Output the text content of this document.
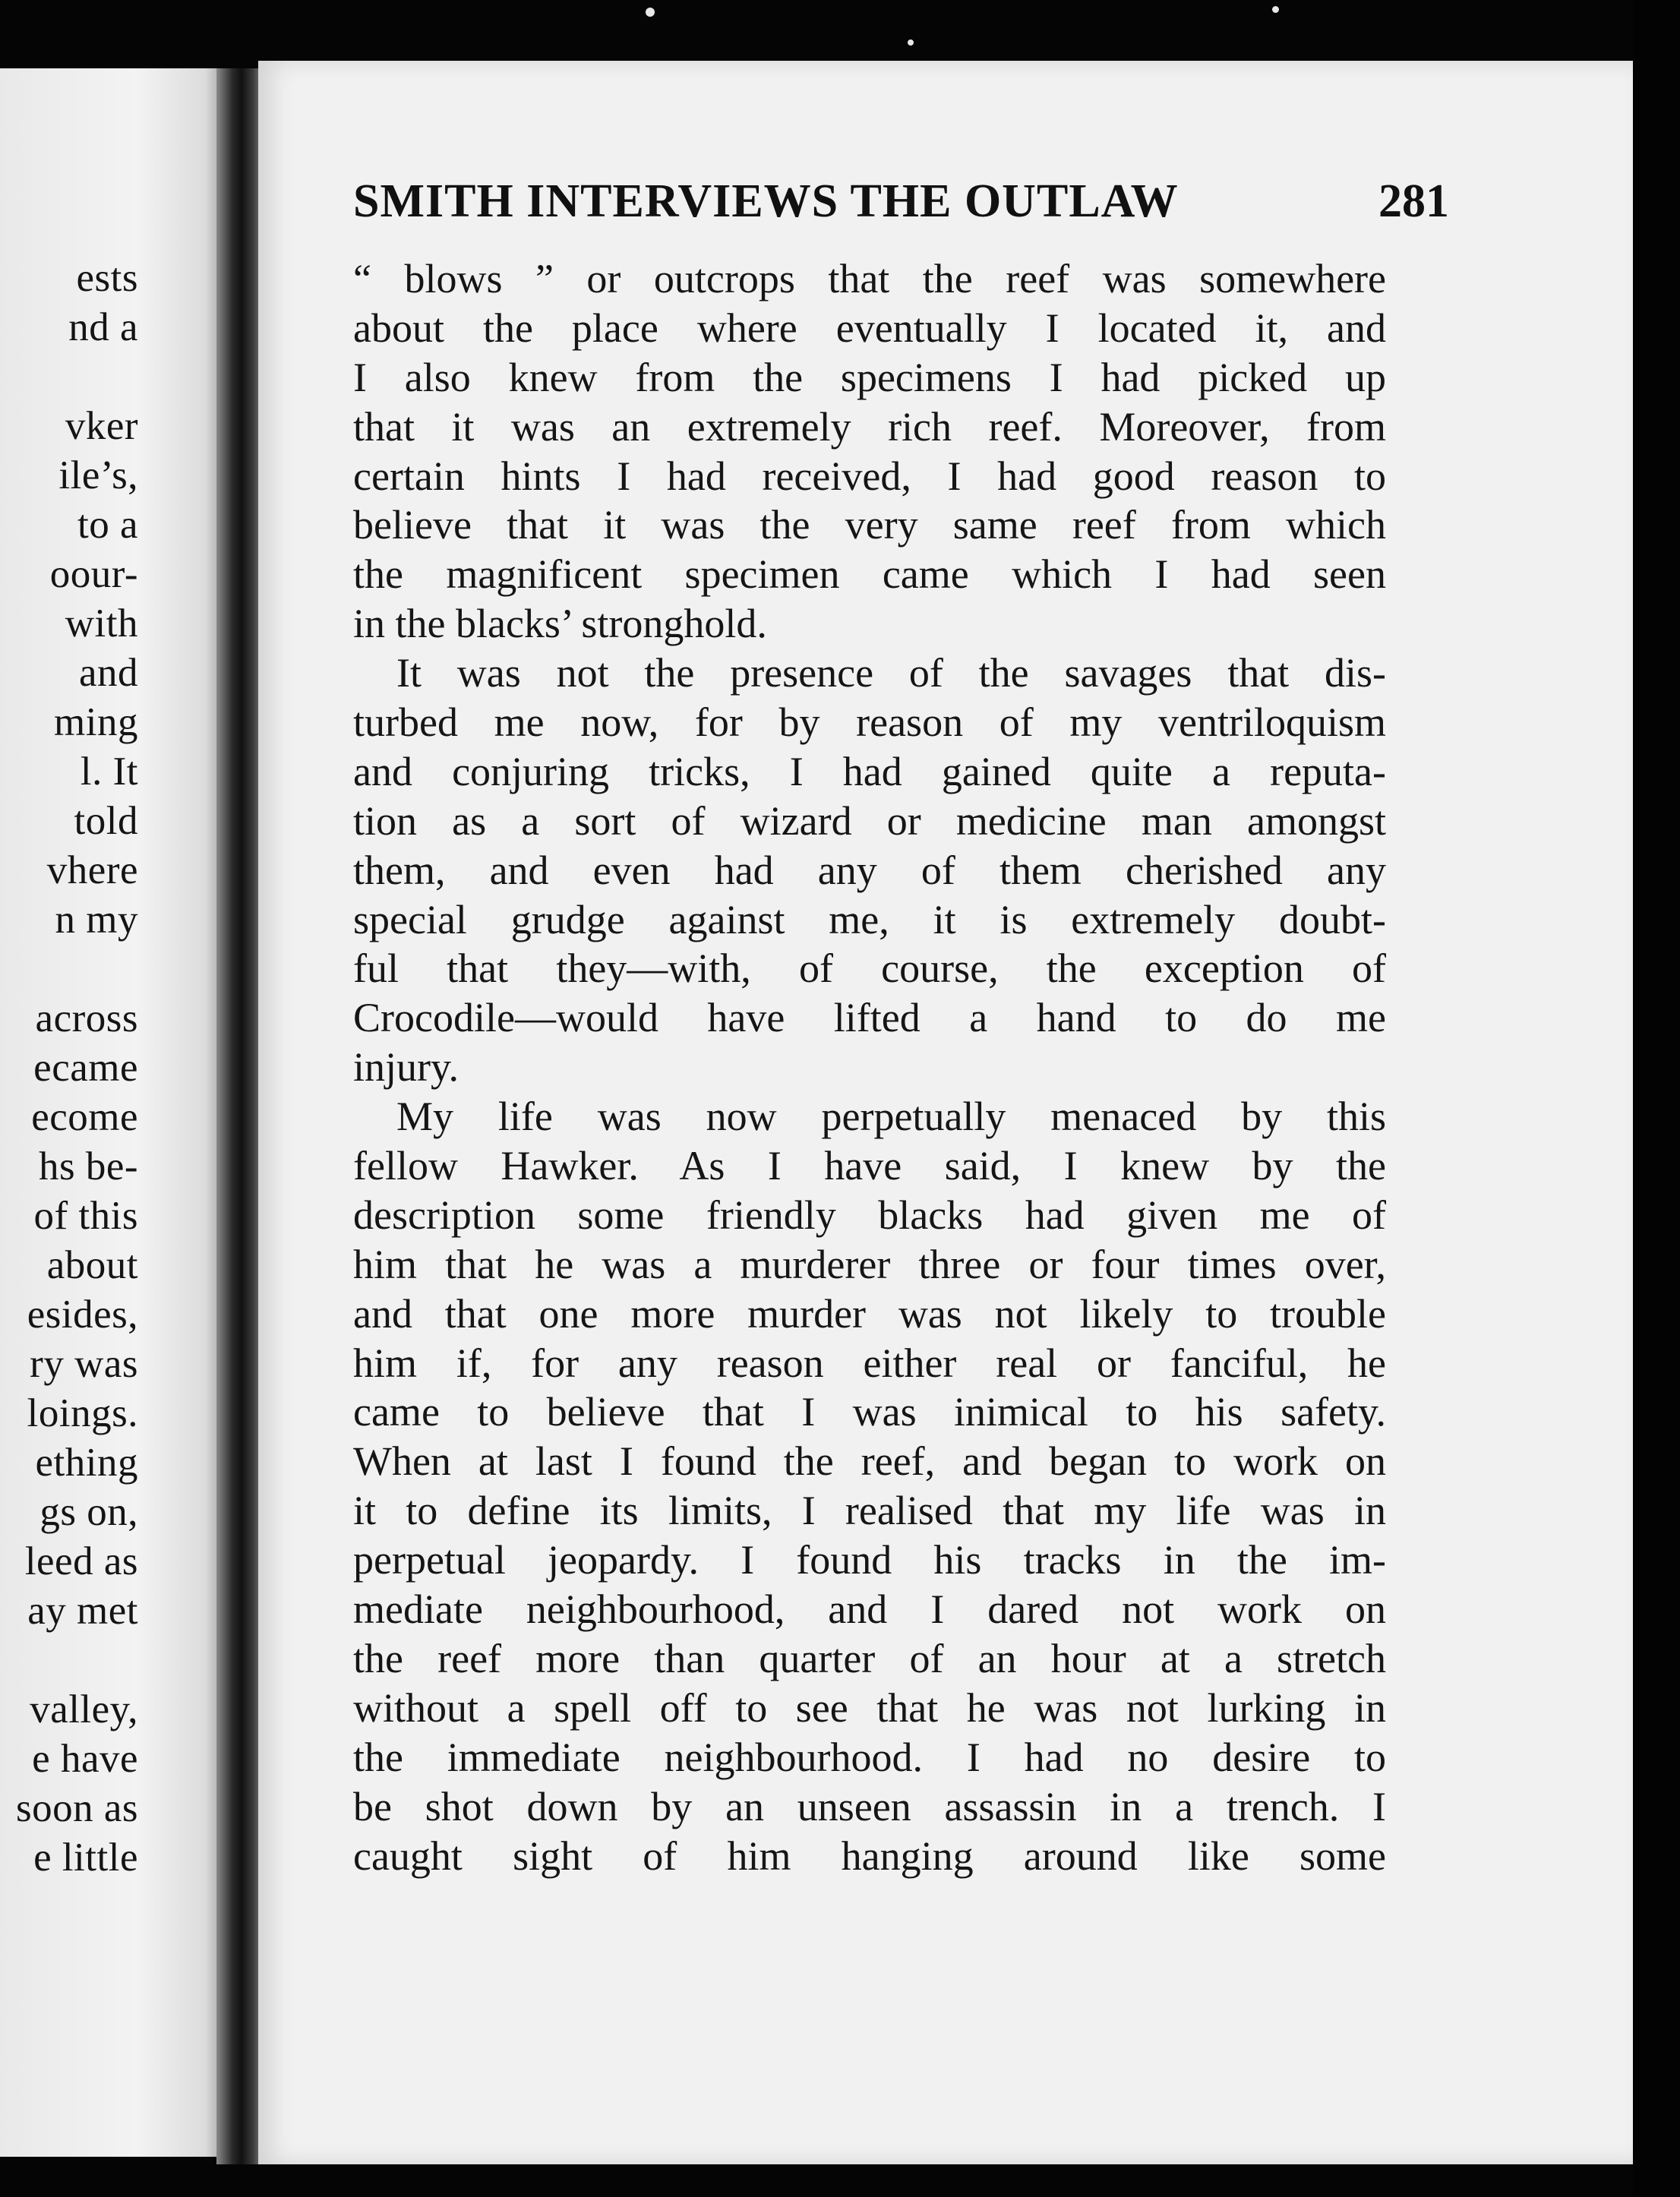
ests
nd a
vker
ile’s,
to a
oour-
with
and
ming
l. It
told
vhere
n my
across
ecame
ecome
hs be-
of this
about
esides,
ry was
loings.
ething
gs on,
leed as
ay met
valley,
e have
soon as
e little
SMITH INTERVIEWS THE OUTLAW	281
“ blows ” or outcrops that the reef was somewhere
about the place where eventually I located it, and
I also knew from the specimens I had picked up
that it was an extremely rich reef. Moreover, from
certain hints I had received, I had good reason to
believe that it was the very same reef from which
the magnificent specimen came which I had seen
in the blacks’ stronghold.
It was not the presence of the savages that dis-
turbed me now, for by reason of my ventriloquism
and conjuring tricks, I had gained quite a reputa-
tion as a sort of wizard or medicine man amongst
them, and even had any of them cherished any
special grudge against me, it is extremely doubt-
ful that they—with, of course, the exception of
Crocodile—would have lifted a hand to do me
injury.
My life was now perpetually menaced by this
fellow Hawker. As I have said, I knew by the
description some friendly blacks had given me of
him that he was a murderer three or four times over,
and that one more murder was not likely to trouble
him if, for any reason either real or fanciful, he
came to believe that I was inimical to his safety.
When at last I found the reef, and began to work on
it to define its limits, I realised that my life was in
perpetual jeopardy. I found his tracks in the im-
mediate neighbourhood, and I dared not work on
the reef more than quarter of an hour at a stretch
without a spell off to see that he was not lurking in
the immediate neighbourhood. I had no desire to
be shot down by an unseen assassin in a trench. I
caught sight of him hanging around like some
